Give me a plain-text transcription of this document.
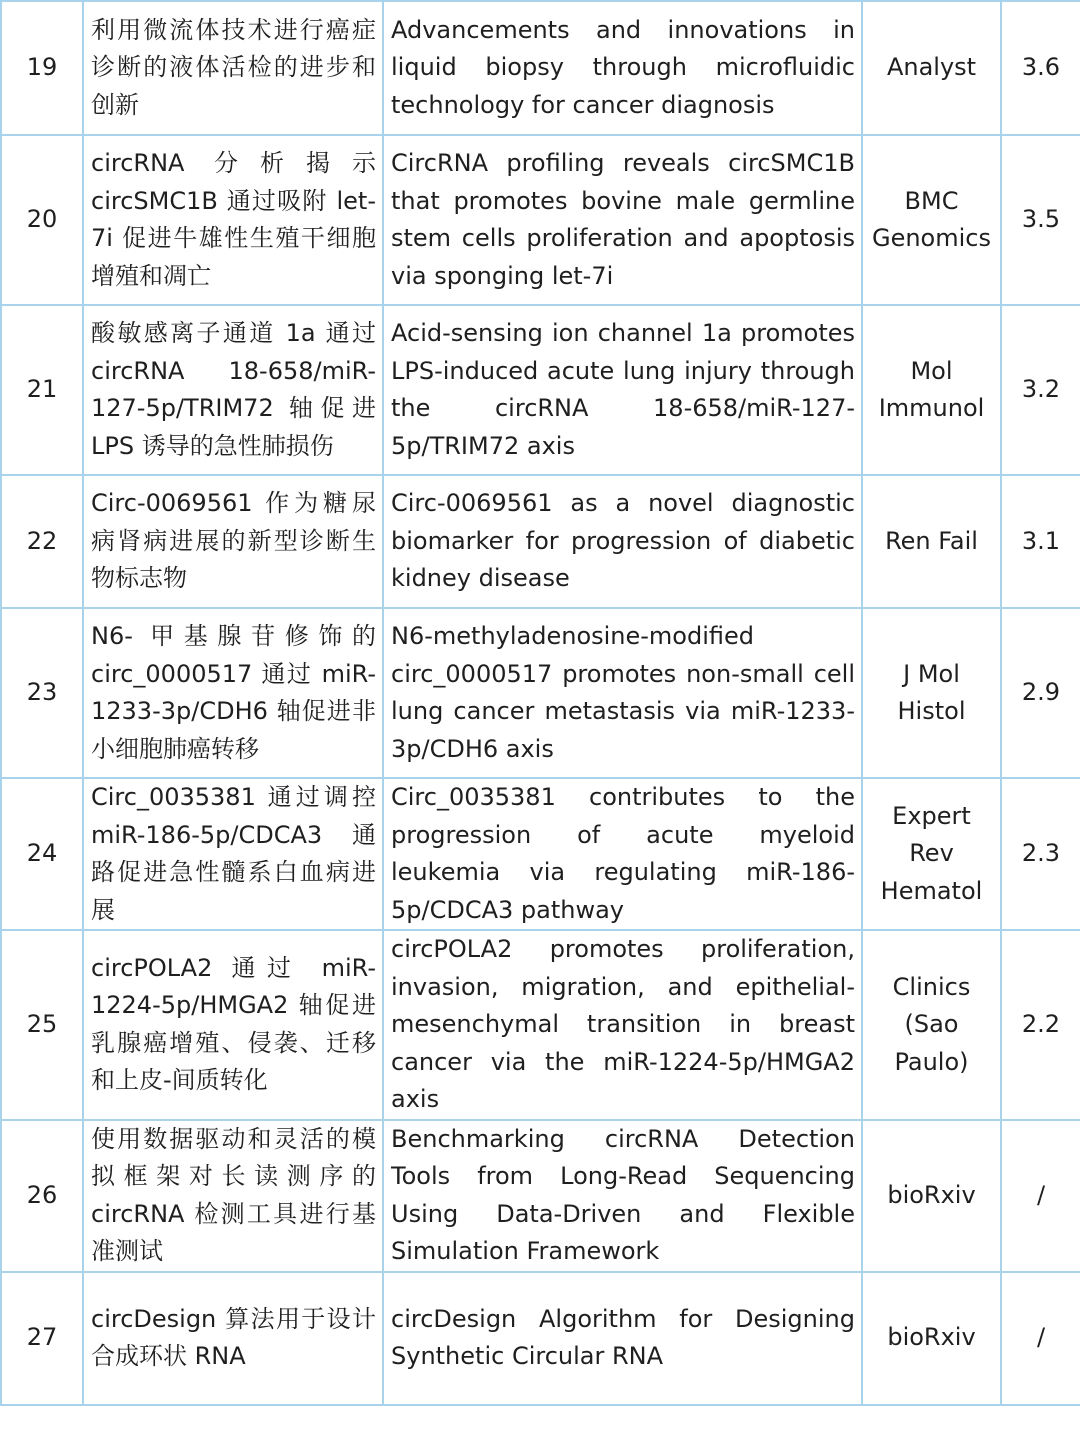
19	利用微流体技术进行癌症诊断的液体活检的进步和创新	Advancements and innovations in liquid biopsy through microfluidic technology for cancer diagnosis	Analyst	3.6
20	circRNA 分析揭示 circSMC1B 通过吸附 let-7i 促进牛雄性生殖干细胞增殖和凋亡	CircRNA profiling reveals circSMC1B that promotes bovine male germline stem cells proliferation and apoptosis via sponging let-7i	BMC Genomics	3.5
21	酸敏感离子通道 1a 通过 circRNA 18-658/miR-127-5p/TRIM72 轴促进 LPS 诱导的急性肺损伤	Acid-sensing ion channel 1a promotes LPS-induced acute lung injury through the circRNA 18-658/miR-127-5p/TRIM72 axis	Mol Immunol	3.2
22	Circ-0069561 作为糖尿病肾病进展的新型诊断生物标志物	Circ-0069561 as a novel diagnostic biomarker for progression of diabetic kidney disease	Ren Fail	3.1
23	N6- 甲基腺苷修饰的 circ_0000517 通过 miR-1233-3p/CDH6 轴促进非小细胞肺癌转移	N6-methyladenosine-modified circ_0000517 promotes non-small cell lung cancer metastasis via miR-1233-3p/CDH6 axis	J Mol Histol	2.9
24	Circ_0035381 通过调控 miR-186-5p/CDCA3 通路促进急性髓系白血病进展	Circ_0035381 contributes to the progression of acute myeloid leukemia via regulating miR-186-5p/CDCA3 pathway	Expert Rev Hematol	2.3
25	circPOLA2 通过 miR-1224-5p/HMGA2 轴促进乳腺癌增殖、侵袭、迁移和上皮-间质转化	circPOLA2 promotes proliferation, invasion, migration, and epithelial-mesenchymal transition in breast cancer via the miR-1224-5p/HMGA2 axis	Clinics (Sao Paulo)	2.2
26	使用数据驱动和灵活的模拟框架对长读测序的 circRNA 检测工具进行基准测试	Benchmarking circRNA Detection Tools from Long-Read Sequencing Using Data-Driven and Flexible Simulation Framework	bioRxiv	/
27	circDesign 算法用于设计合成环状 RNA	circDesign Algorithm for Designing Synthetic Circular RNA	bioRxiv	/
